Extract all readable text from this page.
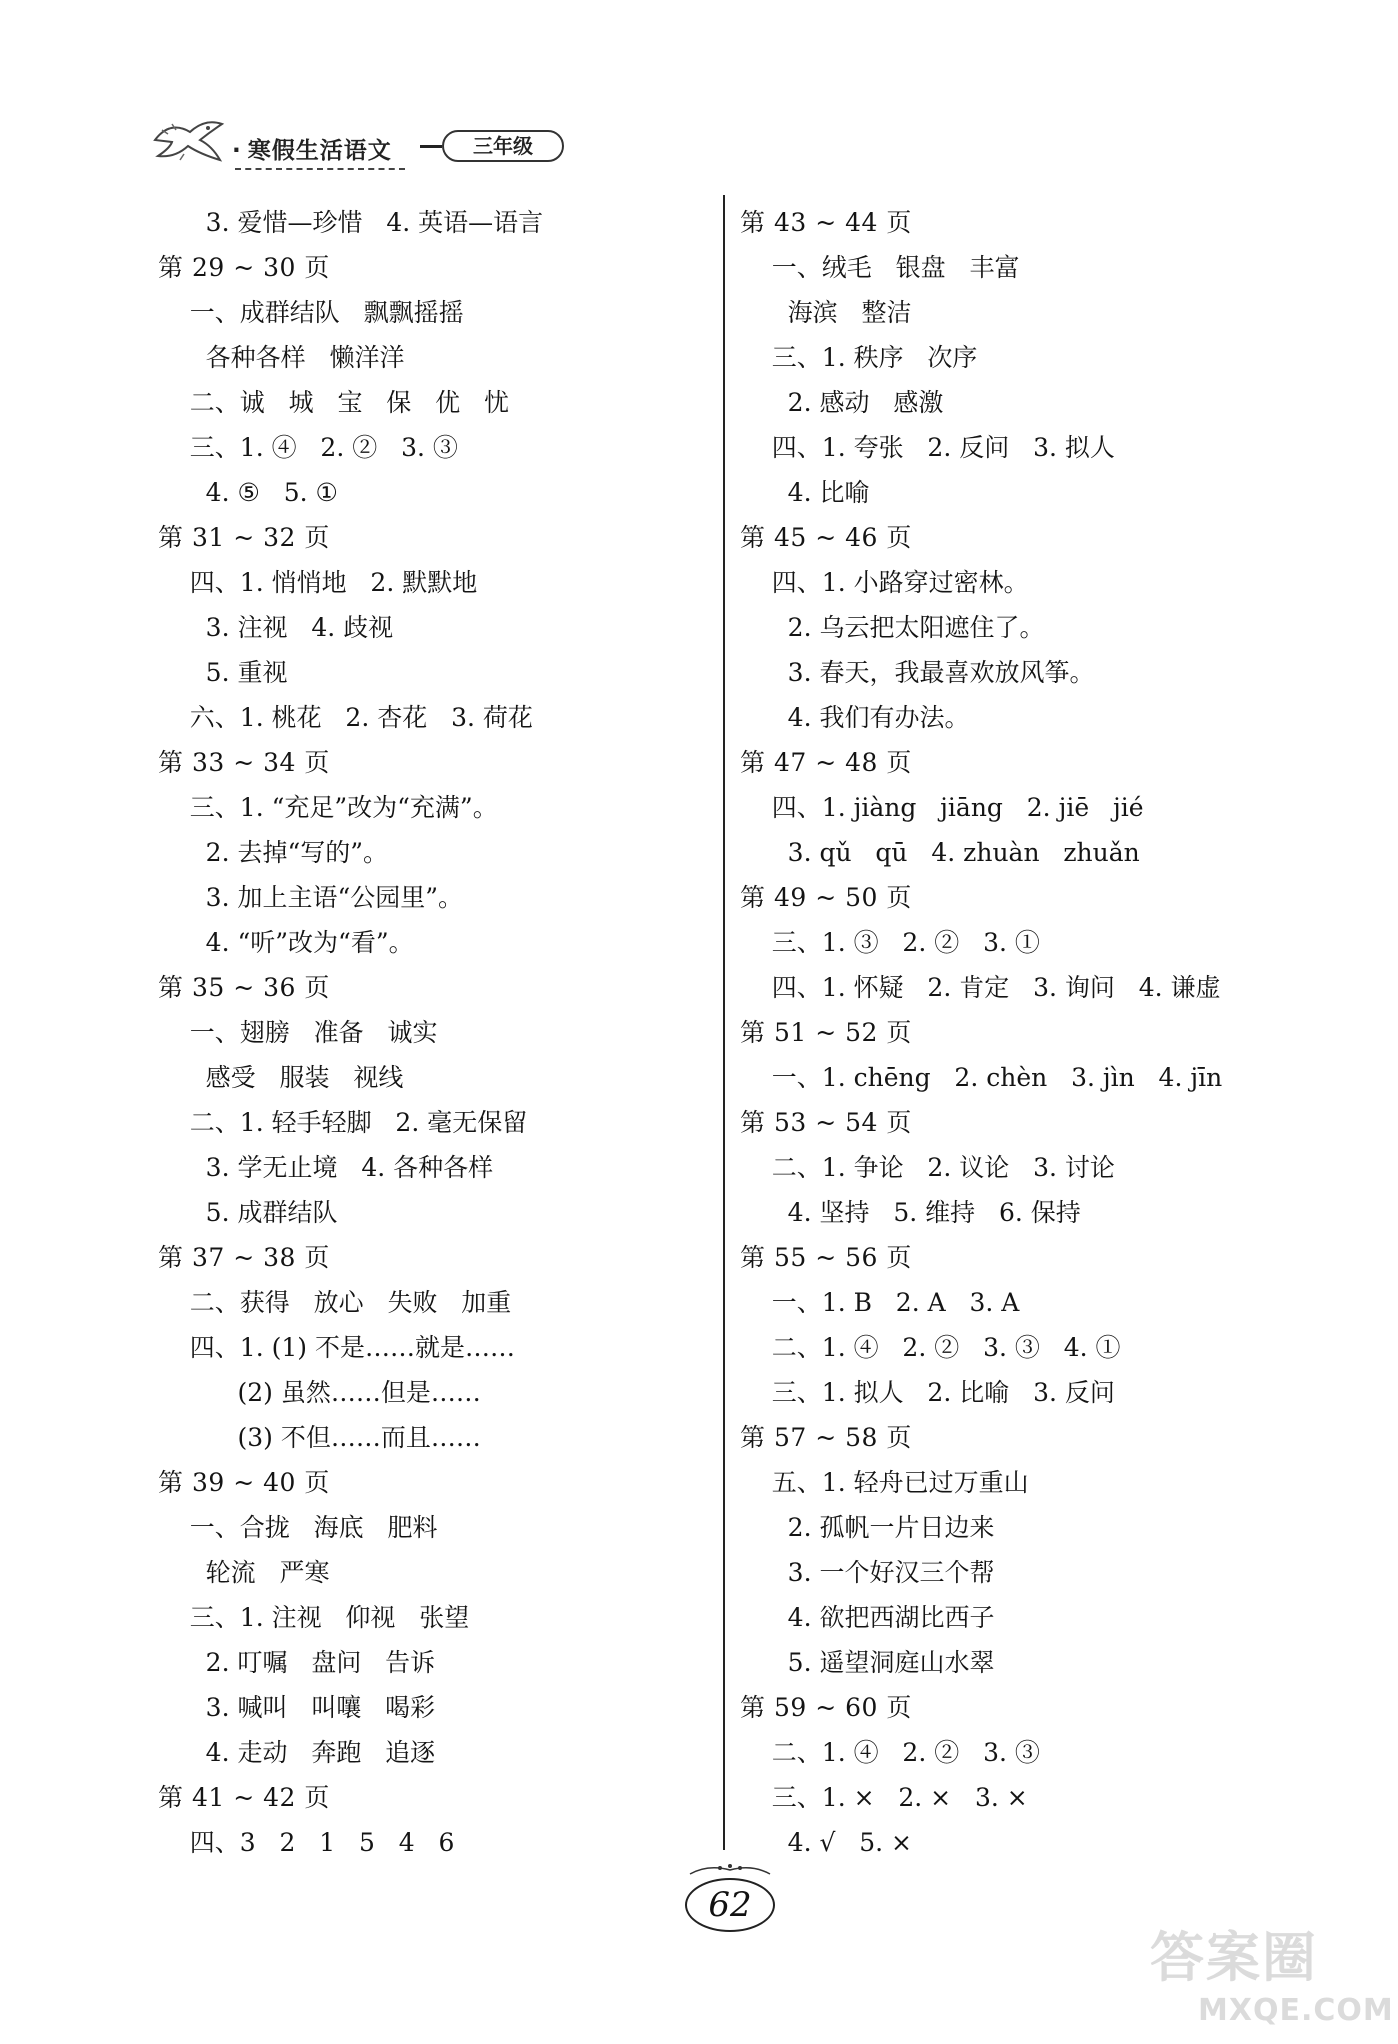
· 寒假生活语文	三年级
3. 爱惜—珍惜   4. 英语—语言
第 29 ~ 30 页
一、成群结队   飘飘摇摇
各种各样   懒洋洋
二、诚   城   宝   保   优   忧
三、1. ④   2. ②   3. ③
4. ⑤   5. ①
第 31 ~ 32 页
四、1. 悄悄地   2. 默默地
3. 注视   4. 歧视
5. 重视
六、1. 桃花   2. 杏花   3. 荷花
第 33 ~ 34 页
三、1. “充足”改为“充满”。
2. 去掉“写的”。
3. 加上主语“公园里”。
4. “听”改为“看”。
第 35 ~ 36 页
一、翅膀   准备   诚实
感受   服装   视线
二、1. 轻手轻脚   2. 毫无保留
3. 学无止境   4. 各种各样
5. 成群结队
第 37 ~ 38 页
二、获得   放心   失败   加重
四、1. (1) 不是……就是……
(2) 虽然……但是……
(3) 不但……而且……
第 39 ~ 40 页
一、合拢   海底   肥料
轮流   严寒
三、1. 注视   仰视   张望
2. 叮嘱   盘问   告诉
3. 喊叫   叫嚷   喝彩
4. 走动   奔跑   追逐
第 41 ~ 42 页
四、3   2   1   5   4   6
第 43 ~ 44 页
一、绒毛   银盘   丰富
海滨   整洁
三、1. 秩序   次序
2. 感动   感激
四、1. 夸张   2. 反问   3. 拟人
4. 比喻
第 45 ~ 46 页
四、1. 小路穿过密林。
2. 乌云把太阳遮住了。
3. 春天，我最喜欢放风筝。
4. 我们有办法。
第 47 ~ 48 页
四、1. jiàng   jiāng   2. jiē   jié
3. qǔ   qū   4. zhuàn   zhuǎn
第 49 ~ 50 页
三、1. ③   2. ②   3. ①
四、1. 怀疑   2. 肯定   3. 询问   4. 谦虚
第 51 ~ 52 页
一、1. chēng   2. chèn   3. jìn   4. jīn
第 53 ~ 54 页
二、1. 争论   2. 议论   3. 讨论
4. 坚持   5. 维持   6. 保持
第 55 ~ 56 页
一、1. B   2. A   3. A
二、1. ④   2. ②   3. ③   4. ①
三、1. 拟人   2. 比喻   3. 反问
第 57 ~ 58 页
五、1. 轻舟已过万重山
2. 孤帆一片日边来
3. 一个好汉三个帮
4. 欲把西湖比西子
5. 遥望洞庭山水翠
第 59 ~ 60 页
二、1. ④   2. ②   3. ③
三、1. ×   2. ×   3. ×
4. √   5. ×
62
答案圈
MXQE.COM
